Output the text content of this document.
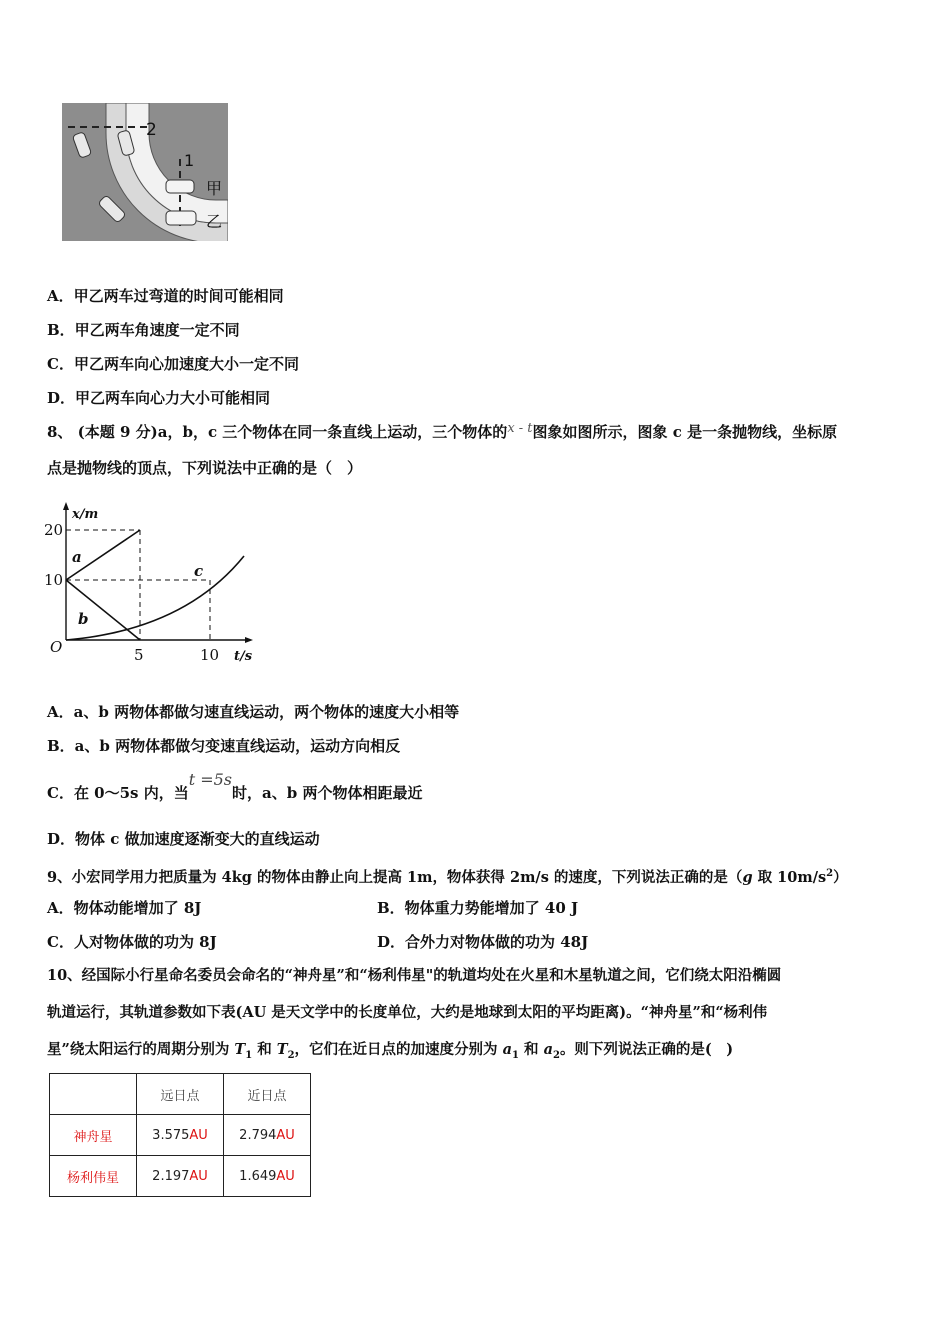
2
1
甲
乙
A．甲乙两车过弯道的时间可能相同
B．甲乙两车角速度一定不同
C．甲乙两车向心加速度大小一定不同
D．甲乙两车向心力大小可能相同
8、 (本题 9 分)a，b，c 三个物体在同一条直线上运动，三个物体的x - t图象如图所示，图象 c 是一条抛物线，坐标原
点是抛物线的顶点，下列说法中正确的是（　）
x/m
t/s
O
20
10
5	10
a
b
c
A．a、b 两物体都做匀速直线运动，两个物体的速度大小相等
B．a、b 两物体都做匀变速直线运动，运动方向相反
C．在 0～5s 内，当t =5s时，a、b 两个物体相距最近
D．物体 c 做加速度逐渐变大的直线运动
9、小宏同学用力把质量为 4kg 的物体由静止向上提高 1m，物体获得 2m/s 的速度，下列说法正确的是（g 取 $10m/s^2$）
A．物体动能增加了 8J	B．物体重力势能增加了 40 J
C．人对物体做的功为 8J	D．合外力对物体做的功为 48J
10、经国际小行星命名委员会命名的“神舟星”和“杨利伟星"的轨道均处在火星和木星轨道之间，它们绕太阳沿椭圆
轨道运行，其轨道参数如下表(AU 是天文学中的长度单位，大约是地球到太阳的平均距离)。“神舟星”和“杨利伟
星”绕太阳运行的周期分别为 $T_1$ 和 $T_2$，它们在近日点的加速度分别为 $a_1$ 和 $a_2$。则下列说法正确的是(　)
	远日点	近日点
神舟星	3.575AU	2.794AU
杨利伟星	2.197AU	1.649AU
